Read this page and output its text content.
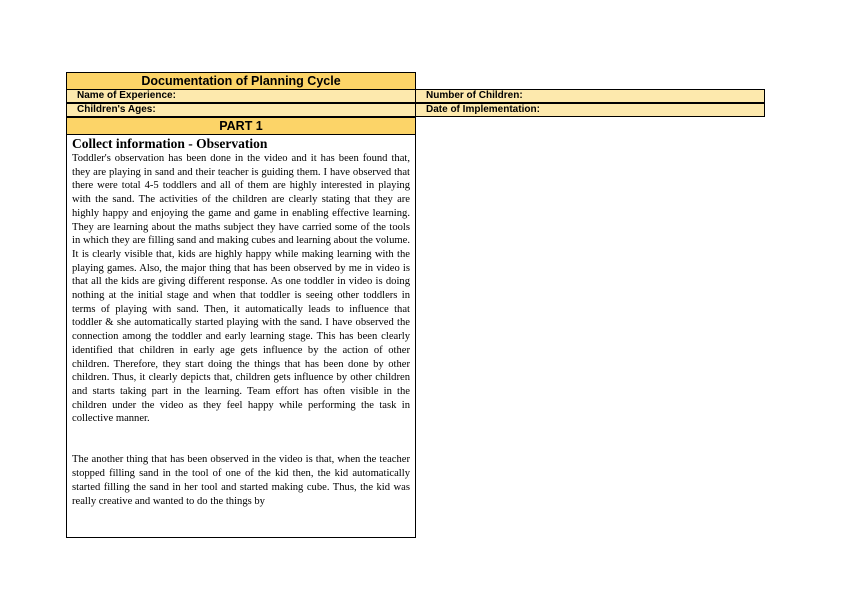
Documentation of Planning Cycle
Name of Experience:	Number of Children:
Children's Ages:	Date of Implementation:
PART 1

Collect information - Observation

Toddler's observation has been done in the video and it has been found that, they are playing in sand and their teacher is guiding them. I have observed that there were total 4-5 toddlers and all of them are highly interested in playing with the sand. The activities of the children are clearly stating that they are highly happy and enjoying the game and game in enabling effective learning. They are learning about the maths subject they have carried some of the tools in which they are filling sand and making cubes and learning about the volume. It is clearly visible that, kids are highly happy while making learning with the playing games. Also, the major thing that has been observed by me in video is that all the kids are giving different response. As one toddler in video is doing nothing at the initial stage and when that toddler is seeing other toddlers in terms of playing with sand. Then, it automatically leads to influence that toddler & she automatically started playing with the sand. I have observed the connection among the toddler and early learning stage. This has been clearly identified that children in early age gets influence by the action of other children. Therefore, they start doing the things that has been done by other children. Thus, it clearly depicts that, children gets influence by other children and starts taking part in the learning. Team effort has often visible in the children under the video as they feel happy while performing the task in collective manner.

The another thing that has been observed in the video is that, when the teacher stopped filling sand in the tool of one of the kid then, the kid automatically started filling the sand in her tool and started making cube. Thus, the kid was really creative and wanted to do the things by
